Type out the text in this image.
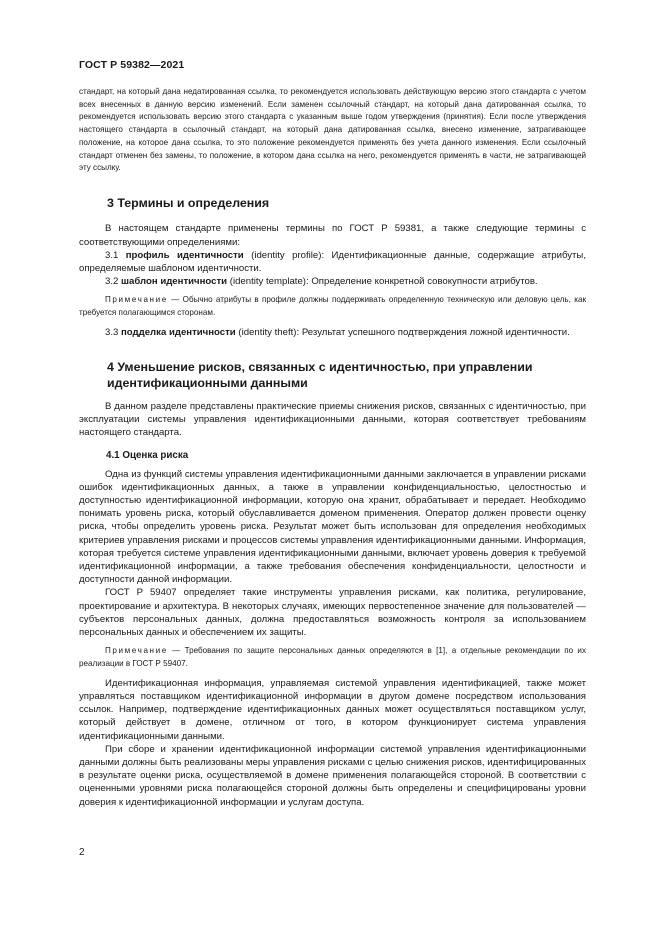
ГОСТ Р 59382—2021

стандарт, на который дана недатированная ссылка, то рекомендуется использовать действующую версию этого стандарта с учетом всех внесенных в данную версию изменений. Если заменен ссылочный стандарт, на который дана датированная ссылка, то рекомендуется использовать версию этого стандарта с указанным выше годом утверждения (принятия). Если после утверждения настоящего стандарта в ссылочный стандарт, на который дана датированная ссылка, внесено изменение, затрагивающее положение, на которое дана ссылка, то это положение рекомендуется применять без учета данного изменения. Если ссылочный стандарт отменен без замены, то положение, в котором дана ссылка на него, рекомендуется применять в части, не затрагивающей эту ссылку.

3 Термины и определения

В настоящем стандарте применены термины по ГОСТ Р 59381, а также следующие термины с соответствующими определениями:

3.1 профиль идентичности (identity profile): Идентификационные данные, содержащие атрибуты, определяемые шаблоном идентичности.

3.2 шаблон идентичности (identity template): Определение конкретной совокупности атрибутов.

Примечание — Обычно атрибуты в профиле должны поддерживать определенную техническую или деловую цель, как требуется полагающимся сторонам.

3.3 подделка идентичности (identity theft): Результат успешного подтверждения ложной идентичности.

4 Уменьшение рисков, связанных с идентичностью, при управлении идентификационными данными

В данном разделе представлены практические приемы снижения рисков, связанных с идентичностью, при эксплуатации системы управления идентификационными данными, которая соответствует требованиям настоящего стандарта.

4.1 Оценка риска

Одна из функций системы управления идентификационными данными заключается в управлении рисками ошибок идентификационных данных, а также в управлении конфиденциальностью, целостностью и доступностью идентификационной информации, которую она хранит, обрабатывает и передает. Необходимо понимать уровень риска, который обуславливается доменом применения. Оператор должен провести оценку риска, чтобы определить уровень риска. Результат может быть использован для определения необходимых критериев управления рисками и процессов системы управления идентификационными данными. Информация, которая требуется системе управления идентификационными данными, включает уровень доверия к требуемой идентификационной информации, а также требования обеспечения конфиденциальности, целостности и доступности данной информации.

ГОСТ Р 59407 определяет такие инструменты управления рисками, как политика, регулирование, проектирование и архитектура. В некоторых случаях, имеющих первостепенное значение для пользователей — субъектов персональных данных, должна предоставляться возможность контроля за использованием персональных данных и обеспечением их защиты.

Примечание — Требования по защите персональных данных определяются в [1], а отдельные рекомендации по их реализации в ГОСТ Р 59407.

Идентификационная информация, управляемая системой управления идентификацией, также может управляться поставщиком идентификационной информации в другом домене посредством использования ссылок. Например, подтверждение идентификационных данных может осуществляться поставщиком услуг, который действует в домене, отличном от того, в котором функционирует система управления идентификационными данными.

При сборе и хранении идентификационной информации системой управления идентификационными данными должны быть реализованы меры управления рисками с целью снижения рисков, идентифицированных в результате оценки риска, осуществляемой в домене применения полагающейся стороной. В соответствии с оцененными уровнями риска полагающейся стороной должны быть определены и специфицированы уровни доверия к идентификационной информации и услугам доступа.

2
